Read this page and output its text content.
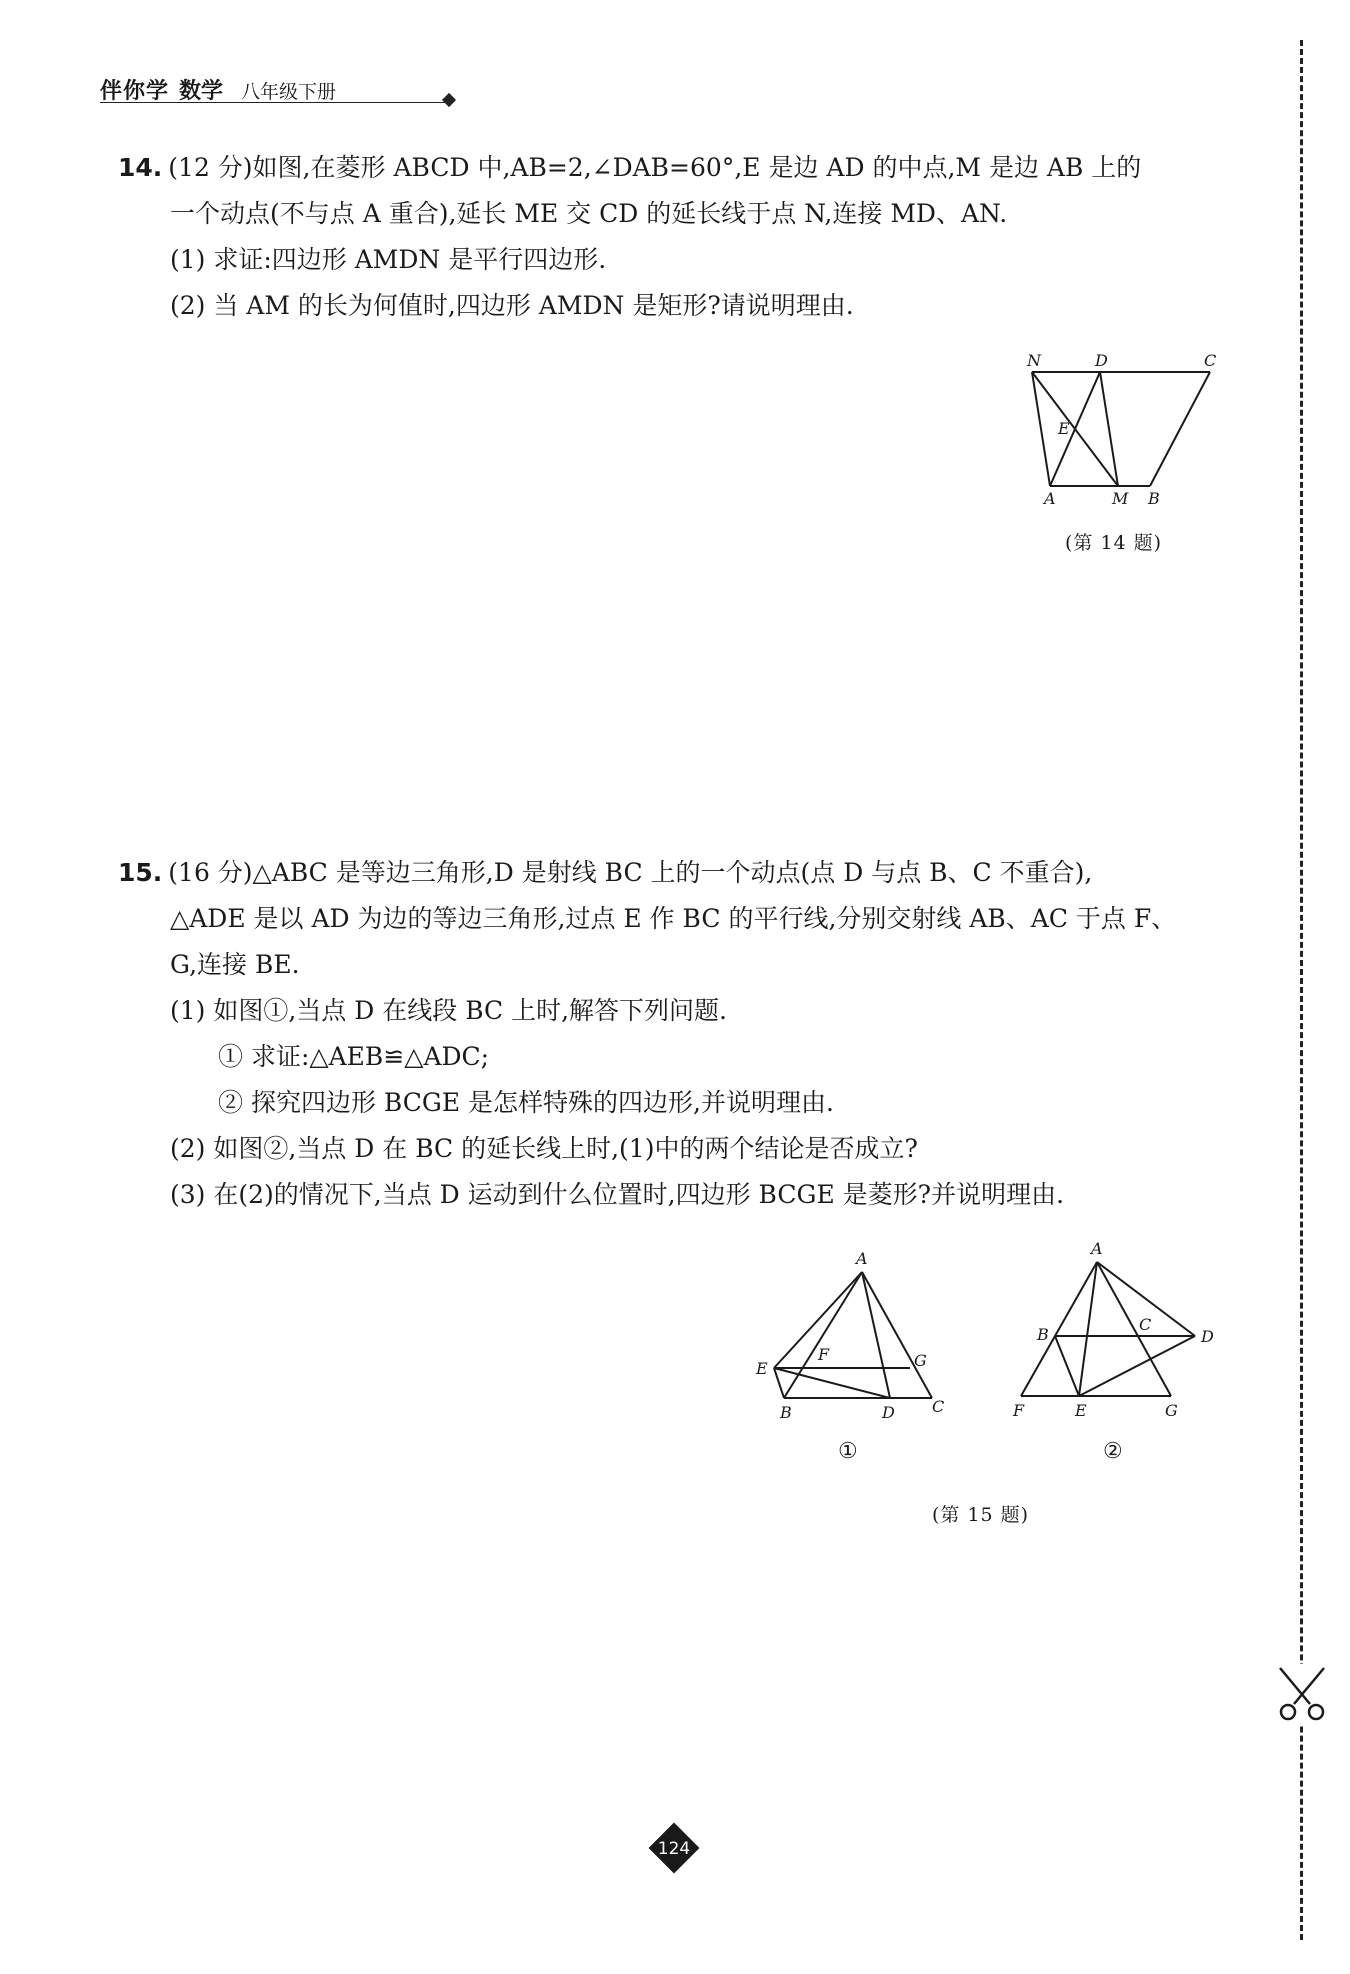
伴你学 数学 八年级下册
14. (12 分)如图,在菱形 ABCD 中,AB=2,∠DAB=60°,E 是边 AD 的中点,M 是边 AB 上的
一个动点(不与点 A 重合),延长 ME 交 CD 的延长线于点 N,连接 MD、AN.
(1) 求证:四边形 AMDN 是平行四边形.
(2) 当 AM 的长为何值时,四边形 AMDN 是矩形?请说明理由.
N	D	C
E
A	M B
(第 14 题)
15. (16 分)△ABC 是等边三角形,D 是射线 BC 上的一个动点(点 D 与点 B、C 不重合),
△ADE 是以 AD 为边的等边三角形,过点 E 作 BC 的平行线,分别交射线 AB、AC 于点 F、
G,连接 BE.
(1) 如图①,当点 D 在线段 BC 上时,解答下列问题.
① 求证:△AEB≌△ADC;
② 探究四边形 BCGE 是怎样特殊的四边形,并说明理由.
(2) 如图②,当点 D 在 BC 的延长线上时,(1)中的两个结论是否成立?
(3) 在(2)的情况下,当点 D 运动到什么位置时,四边形 BCGE 是菱形?并说明理由.
A
E
F	G
B	D C
①
A
B
C
D
F	E	G
②
(第 15 题)
124
